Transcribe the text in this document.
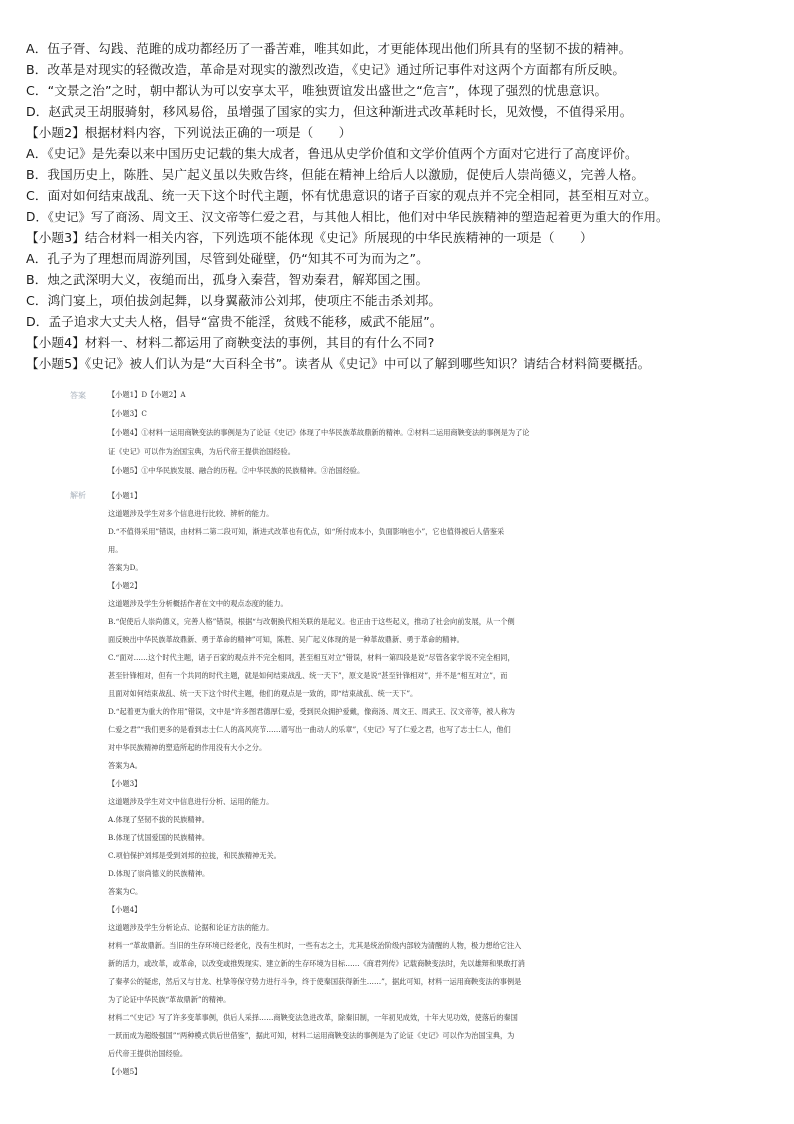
A．伍子胥、勾践、范雎的成功都经历了一番苦难，唯其如此，才更能体现出他们所具有的坚韧不拔的精神。
B．改革是对现实的轻微改造，革命是对现实的激烈改造，《史记》通过所记事件对这两个方面都有所反映。
C．“文景之治”之时，朝中都认为可以安享太平，唯独贾谊发出盛世之“危言”，体现了强烈的忧患意识。
D．赵武灵王胡服骑射，移风易俗，虽增强了国家的实力，但这种渐进式改革耗时长，见效慢，不值得采用。
【小题2】根据材料内容，下列说法正确的一项是（　　）
A．《史记》是先秦以来中国历史记载的集大成者，鲁迅从史学价值和文学价值两个方面对它进行了高度评价。
B．我国历史上，陈胜、吴广起义虽以失败告终，但能在精神上给后人以激励，促使后人崇尚德义，完善人格。
C．面对如何结束战乱、统一天下这个时代主题，怀有忧患意识的诸子百家的观点并不完全相同，甚至相互对立。
D．《史记》写了商汤、周文王、汉文帝等仁爱之君，与其他人相比，他们对中华民族精神的塑造起着更为重大的作用。
【小题3】结合材料一相关内容，下列选项不能体现《史记》所展现的中华民族精神的一项是（　　）
A．孔子为了理想而周游列国，尽管到处碰壁，仍“知其不可为而为之”。
B．烛之武深明大义，夜缒而出，孤身入秦营，智劝秦君，解郑国之围。
C．鸿门宴上，项伯拔剑起舞，以身翼蔽沛公刘邦，使项庄不能击杀刘邦。
D．孟子追求大丈夫人格，倡导“富贵不能淫，贫贱不能移，威武不能屈”。
【小题4】材料一、材料二都运用了商鞅变法的事例，其目的有什么不同?
【小题5】《史记》被人们认为是“大百科全书”。读者从《史记》中可以了解到哪些知识？请结合材料简要概括。
答案	【小题1】D【小题2】A
【小题3】C
【小题4】①材料一运用商鞅变法的事例是为了论证《史记》体现了中华民族革故鼎新的精神。②材料二运用商鞅变法的事例是为了论
证《史记》可以作为治国宝典，为后代帝王提供治国经验。
【小题5】①中华民族发展、融合的历程。②中华民族的民族精神。③治国经验。
解析	【小题1】
这道题涉及学生对多个信息进行比较、辨析的能力。
D.“不值得采用”错误，由材料二第二段可知，渐进式改革也有优点，如“所付成本小，负面影响也小”，它也值得被后人借鉴采
用。
答案为D。
【小题2】
这道题涉及学生分析概括作者在文中的观点态度的能力。
B.“促使后人崇尚德义，完善人格”错误，根据“与改朝换代相关联的是起义。也正由于这些起义，推动了社会向前发展，从一个侧
面反映出中华民族革故鼎新、勇于革命的精神”可知，陈胜、吴广起义体现的是一种革故鼎新、勇于革命的精神。
C.“面对……这个时代主题，诸子百家的观点并不完全相同，甚至相互对立”错误，材料一第四段是说“尽管各家学说不完全相同，
甚至针锋相对，但有一个共同的时代主题，就是如何结束战乱、统一天下”，原文是说“甚至针锋相对”，并不是“相互对立”，而
且面对如何结束战乱、统一天下这个时代主题，他们的观点是一致的，即“结束战乱、统一天下”。
D.“起着更为重大的作用”错误，文中是“许多图君德厚仁爱，受到民众拥护爱戴，像商汤、周文王、周武王、汉文帝等，被人称为
仁爱之君”“我们更多的是看到志士仁人的高风亮节……谱写出一曲动人的乐章”，《史记》写了仁爱之君，也写了志士仁人，他们
对中华民族精神的塑造所起的作用没有大小之分。
答案为A。
【小题3】
这道题涉及学生对文中信息进行分析、运用的能力。
A.体现了坚韧不拔的民族精神。
B.体现了忧国爱国的民族精神。
C.项伯保护刘邦是受到刘邦的拉拢，和民族精神无关。
D.体现了崇尚德义的民族精神。
答案为C。
【小题4】
这道题涉及学生分析论点、论据和论证方法的能力。
材料一“革故鼎新。当旧的生存环境已经老化，没有生机时，一些有志之士，尤其是统治阶级内部较为清醒的人物，极力想给它注入
新的活力，或改革，或革命，以改变或推毁现实、建立新的生存环境为目标……《商君列传》记载商鞅变法时，先以雄辩和果敢打消
了秦孝公的疑虑，然后又与甘龙、杜挚等保守势力进行斗争，终于使秦国获得新生……”，据此可知，材料一运用商鞅变法的事例是
为了论证中华民族“革故鼎新”的精神。
材料二“《史记》写了许多变革事例，供后人采择……商鞅变法急进改革，除秦旧制，一年初见成效，十年大见功效，使落后的秦国
一跃而成为超级强国”“两种模式供后世借鉴”，据此可知，材料二运用商鞅变法的事例是为了论证《史记》可以作为治国宝典，为
后代帝王提供治国经验。
【小题5】
